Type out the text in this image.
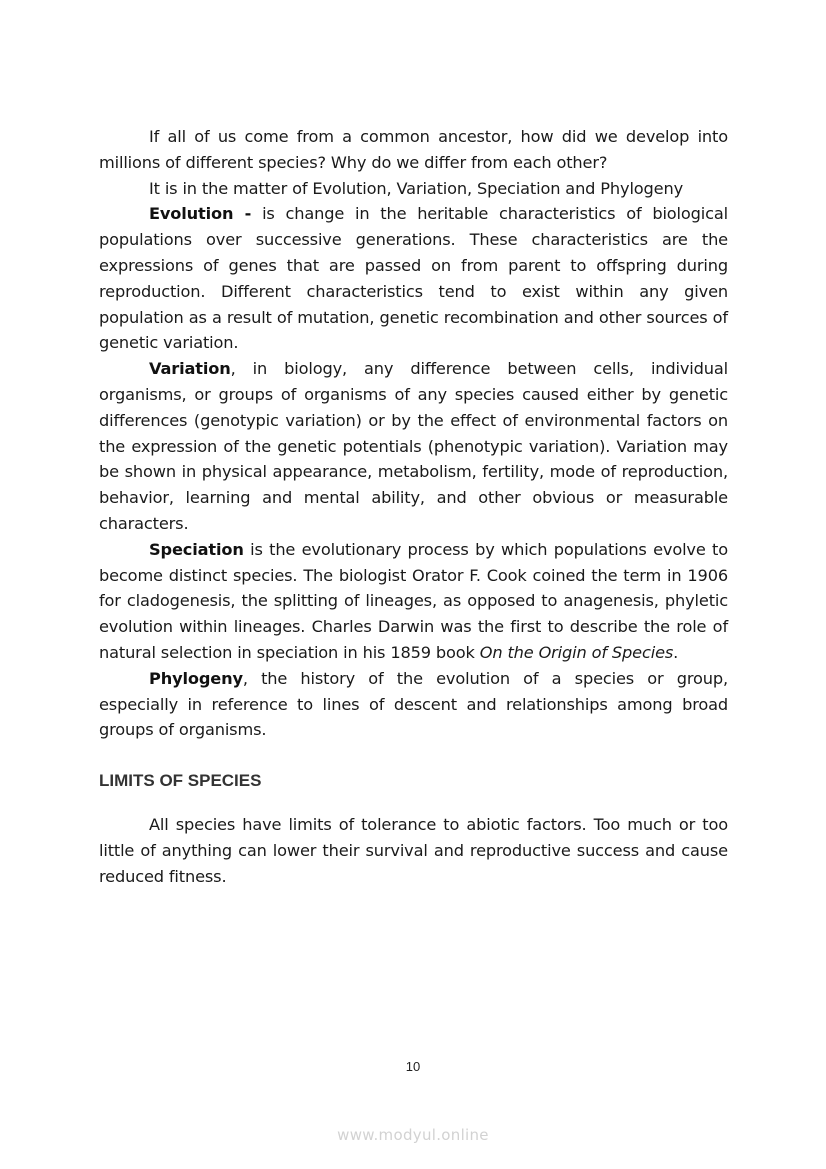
If all of us come from a common ancestor, how did we develop into millions of different species? Why do we differ from each other?

It is in the matter of Evolution, Variation, Speciation and Phylogeny

Evolution - is change in the heritable characteristics of biological populations over successive generations. These characteristics are the expressions of genes that are passed on from parent to offspring during reproduction. Different characteristics tend to exist within any given population as a result of mutation, genetic recombination and other sources of genetic variation.

Variation, in biology, any difference between cells, individual organisms, or groups of organisms of any species caused either by genetic differences (genotypic variation) or by the effect of environmental factors on the expression of the genetic potentials (phenotypic variation). Variation may be shown in physical appearance, metabolism, fertility, mode of reproduction, behavior, learning and mental ability, and other obvious or measurable characters.

Speciation is the evolutionary process by which populations evolve to become distinct species. The biologist Orator F. Cook coined the term in 1906 for cladogenesis, the splitting of lineages, as opposed to anagenesis, phyletic evolution within lineages. Charles Darwin was the first to describe the role of natural selection in speciation in his 1859 book On the Origin of Species.

Phylogeny, the history of the evolution of a species or group, especially in reference to lines of descent and relationships among broad groups of organisms.

LIMITS OF SPECIES

All species have limits of tolerance to abiotic factors. Too much or too little of anything can lower their survival and reproductive success and cause reduced fitness.

10
www.modyul.online
